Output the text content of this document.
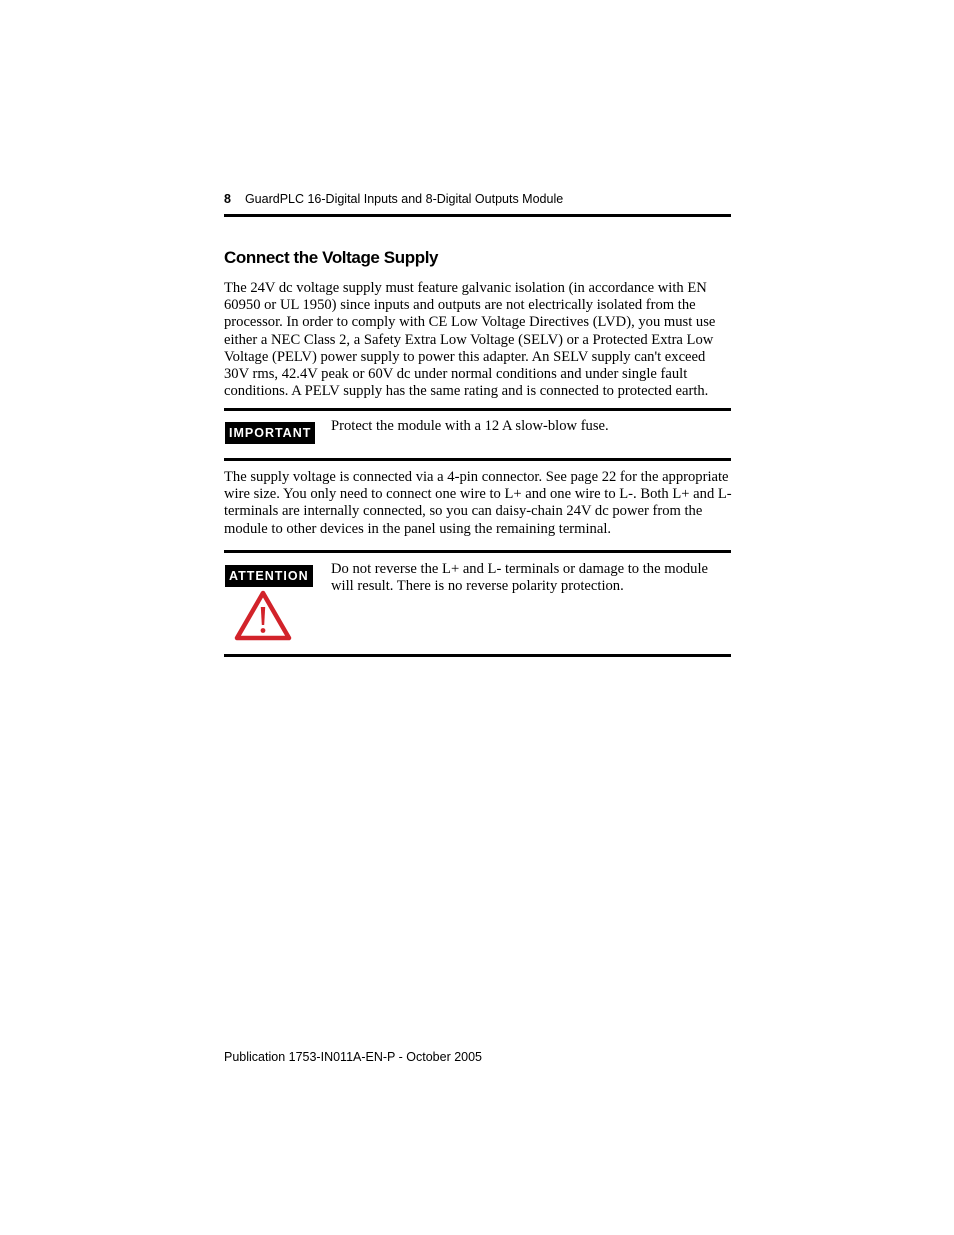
8 GuardPLC 16-Digital Inputs and 8-Digital Outputs Module
Connect the Voltage Supply
The 24V dc voltage supply must feature galvanic isolation (in accordance with EN 60950 or UL 1950) since inputs and outputs are not electrically isolated from the processor. In order to comply with CE Low Voltage Directives (LVD), you must use either a NEC Class 2, a Safety Extra Low Voltage (SELV) or a Protected Extra Low Voltage (PELV) power supply to power this adapter. An SELV supply can't exceed 30V rms, 42.4V peak or 60V dc under normal conditions and under single fault conditions. A PELV supply has the same rating and is connected to protected earth.
IMPORTANT Protect the module with a 12 A slow-blow fuse.
The supply voltage is connected via a 4-pin connector. See page 22 for the appropriate wire size. You only need to connect one wire to L+ and one wire to L-. Both L+ and L- terminals are internally connected, so you can daisy-chain 24V dc power from the module to other devices in the panel using the remaining terminal.
ATTENTION Do not reverse the L+ and L- terminals or damage to the module will result. There is no reverse polarity protection.
Publication 1753-IN011A-EN-P - October 2005
